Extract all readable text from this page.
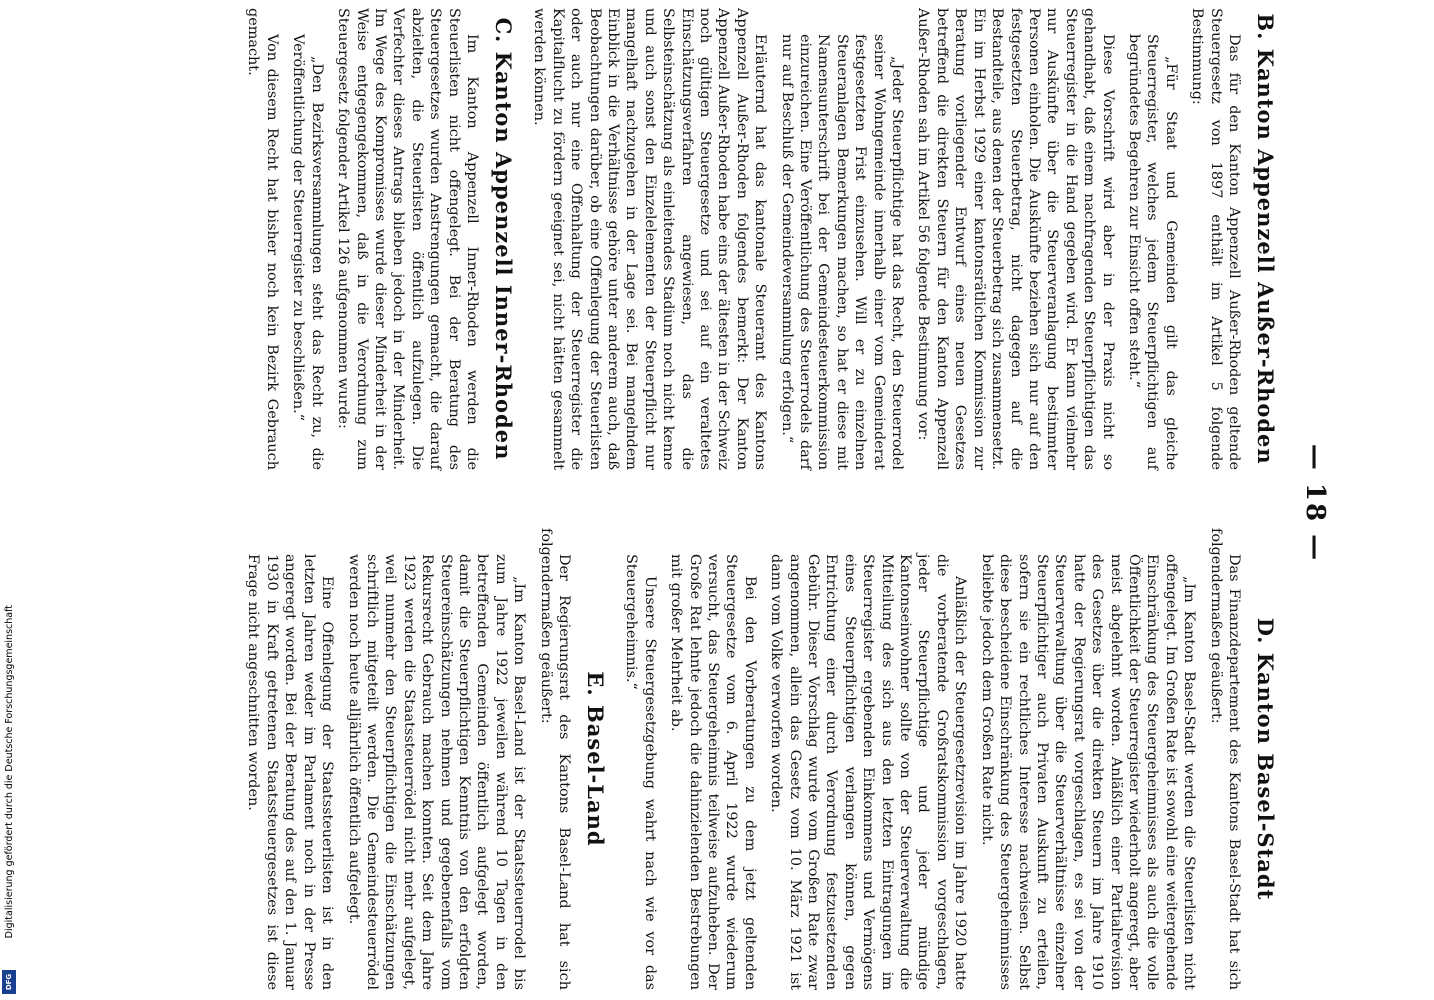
— 18 —
B. Kanton Appenzell Außer-Rhoden

Das für den Kanton Appenzell Außer-Rhoden geltende Steuergesetz von 1897 enthält im Artikel 5 folgende Bestimmung:

„Für Staat und Gemeinden gilt das gleiche Steuerregister, welches jedem Steuerpflichtigen auf begründetes Begehren zur Einsicht offen steht.“

Diese Vorschrift wird aber in der Praxis nicht so gehandhabt, daß einem nachfragenden Steuerpflichtigen das Steuerregister in die Hand gegeben wird. Er kann vielmehr nur Auskünfte über die Steuerveranlagung bestimmter Personen einholen. Die Auskünfte beziehen sich nur auf den festgesetzten Steuerbetrag, nicht dagegen auf die Bestandteile, aus denen der Steuerbetrag sich zusammensetzt. Ein im Herbst 1929 einer kantonsrätlichen Kommission zur Beratung vorliegender Entwurf eines neuen Gesetzes betreffend die direkten Steuern für den Kanton Appenzell Außer-Rhoden sah im Artikel 56 folgende Bestimmung vor:

„Jeder Steuerpflichtige hat das Recht, den Steuerrodel seiner Wohngemeinde innerhalb einer vom Gemeinderat festgesetzten Frist einzusehen. Will er zu einzelnen Steueranlagen Bemerkungen machen, so hat er diese mit Namensunterschrift bei der Gemeindesteuerkommission einzureichen. Eine Veröffentlichung des Steuerrodels darf nur auf Beschluß der Gemeindeversammlung erfolgen.“

Erläuternd hat das kantonale Steueramt des Kantons Appenzell Außer-Rhoden folgendes bemerkt: Der Kanton Appenzell Außer-Rhoden habe eins der ältesten in der Schweiz noch gültigen Steuergesetze und sei auf ein veraltetes Einschätzungsverfahren angewiesen, das die Selbsteinschätzung als einleitendes Stadium noch nicht kenne und auch sonst den Einzelelementen der Steuerpflicht nur mangelhaft nachzugehen in der Lage sei. Bei mangelndem Einblick in die Verhältnisse gehöre unter anderem auch, daß Beobachtungen darüber, ob eine Offenlegung der Steuerlisten oder auch nur eine Offenhaltung der Steuerregister die Kapitalflucht zu fördern geeignet sei, nicht hätten gesammelt werden können.

C. Kanton Appenzell Inner-Rhoden

Im Kanton Appenzell Inner-Rhoden werden die Steuerlisten nicht offengelegt. Bei der Beratung des Steuergesetzes wurden Anstrengungen gemacht, die darauf abzielten, die Steuerlisten öffentlich aufzulegen. Die Verfechter dieses Antrags blieben jedoch in der Minderheit. Im Wege des Kompromisses wurde dieser Minderheit in der Weise entgegengekommen, daß in die Verordnung zum Steuergesetz folgender Artikel 126 aufgenommen wurde:

„Den Bezirksversammlungen steht das Recht zu, die Veröffentlichung der Steuerregister zu beschließen.“

Von diesem Recht hat bisher noch kein Bezirk Gebrauch gemacht.

D. Kanton Basel-Stadt

Das Finanzdepartement des Kantons Basel-Stadt hat sich folgendermaßen geäußert:

„Im Kanton Basel-Stadt werden die Steuerlisten nicht offengelegt. Im Großen Rate ist sowohl eine weitergehende Einschränkung des Steuergeheimnisses als auch die volle Öffentlichkeit der Steuerregister wiederholt angeregt, aber meist abgelehnt worden. Anläßlich einer Partialrevision des Gesetzes über die direkten Steuern im Jahre 1910 hatte der Regierungsrat vorgeschlagen, es sei von der Steuerverwaltung über die Steuerverhältnisse einzelner Steuerpflichtiger auch Privaten Auskunft zu erteilen, sofern sie ein rechtliches Interesse nachweisen. Selbst diese bescheidene Einschränkung des Steuergeheimnisses beliebte jedoch dem Großen Rate nicht.

Anläßlich der Steuergesetzrevision im Jahre 1920 hatte die vorberatende Großratskommission vorgeschlagen, jeder Steuerpflichtige und jeder mündige Kantonseinwohner sollte von der Steuerverwaltung die Mitteilung des sich aus den letzten Eintragungen im Steuerregister ergebenden Einkommens und Vermögens eines Steuerpflichtigen verlangen können, gegen Entrichtung einer durch Verordnung festzusetzenden Gebühr. Dieser Vorschlag wurde vom Großen Rate zwar angenommen, allein das Gesetz vom 10. März 1921 ist dann vom Volke verworfen worden.

Bei den Vorberatungen zu dem jetzt geltenden Steuergesetze vom 6. April 1922 wurde wiederum versucht, das Steuergeheimnis teilweise aufzuheben. Der Große Rat lehnte jedoch die dahinzielenden Bestrebungen mit großer Mehrheit ab.

Unsere Steuergesetzgebung wahrt nach wie vor das Steuergeheimnis.“

E. Basel-Land

Der Regierungsrat des Kantons Basel-Land hat sich folgendermaßen geäußert:

„Im Kanton Basel-Land ist der Staatssteuerrodel bis zum Jahre 1922 jeweilen während 10 Tagen in den betreffenden Gemeinden öffentlich aufgelegt worden, damit die Steuerpflichtigen Kenntnis von den erfolgten Steuereinschätzungen nehmen und gegebenenfalls vom Rekursrecht Gebrauch machen konnten. Seit dem Jahre 1923 werden die Staatssteuerrödel nicht mehr aufgelegt, weil nunmehr den Steuerpflichtigen die Einschätzungen schriftlich mitgeteilt werden. Die Gemeindesteuerrödel werden noch heute alljährlich öffentlich aufgelegt.

Eine Offenlegung der Staatssteuerlisten ist in den letzten Jahren weder im Parlament noch in der Presse angeregt worden. Bei der Beratung des auf den 1. Januar 1930 in Kraft getretenen Staatssteuergesetzes ist diese Frage nicht angeschnitten worden.

Digitalisierung gefördert durch die Deutsche Forschungsgemeinschaft
DFG
